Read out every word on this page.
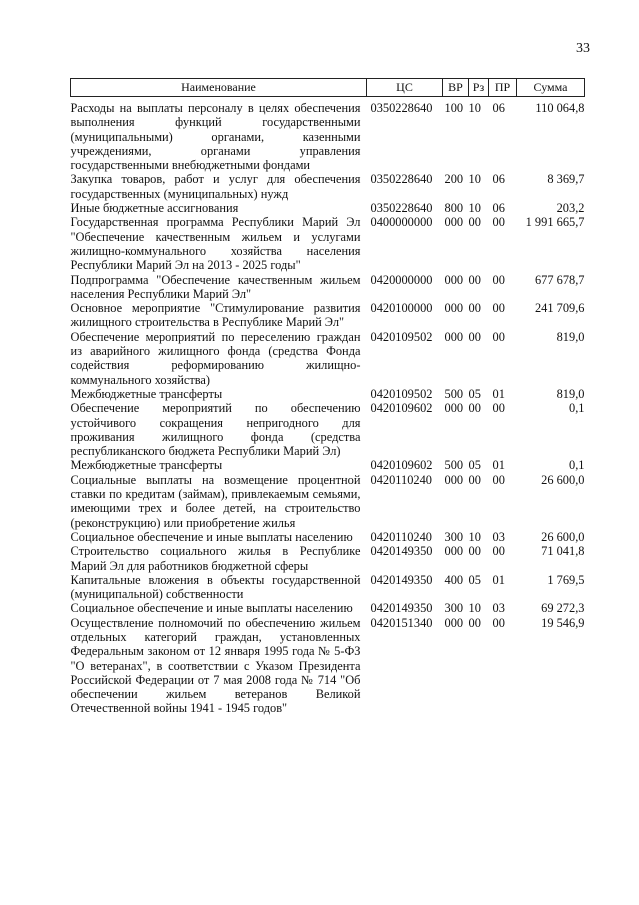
33
Наименование	ЦС	ВР	Рз	ПР	Сумма
Расходы на выплаты персоналу в целях обеспечения выполнения функций государственными (муниципальными) органами, казенными учреждениями, органами управления государственными внебюджетными фондами	0350228640	100	10	06	110 064,8
Закупка товаров, работ и услуг для обеспечения государственных (муниципальных) нужд	0350228640	200	10	06	8 369,7
Иные бюджетные ассигнования	0350228640	800	10	06	203,2
Государственная программа Республики Марий Эл "Обеспечение качественным жильем и услугами жилищно-коммунального хозяйства населения Республики Марий Эл на 2013 - 2025 годы"	0400000000	000	00	00	1 991 665,7
Подпрограмма "Обеспечение качественным жильем населения Республики Марий Эл"	0420000000	000	00	00	677 678,7
Основное мероприятие "Стимулирование развития жилищного строительства в Республике Марий Эл"	0420100000	000	00	00	241 709,6
Обеспечение мероприятий по переселению граждан из аварийного жилищного фонда (средства Фонда содействия реформированию жилищно-коммунального хозяйства)	0420109502	000	00	00	819,0
Межбюджетные трансферты	0420109502	500	05	01	819,0
Обеспечение мероприятий по обеспечению устойчивого сокращения непригодного для проживания жилищного фонда (средства республиканского бюджета Республики Марий Эл)	0420109602	000	00	00	0,1
Межбюджетные трансферты	0420109602	500	05	01	0,1
Социальные выплаты на возмещение процентной ставки по кредитам (займам), привлекаемым семьями, имеющими трех и более детей, на строительство (реконструкцию) или приобретение жилья	0420110240	000	00	00	26 600,0
Социальное обеспечение и иные выплаты населению	0420110240	300	10	03	26 600,0
Строительство социального жилья в Республике Марий Эл для работников бюджетной сферы	0420149350	000	00	00	71 041,8
Капитальные вложения в объекты государственной (муниципальной) собственности	0420149350	400	05	01	1 769,5
Социальное обеспечение и иные выплаты населению	0420149350	300	10	03	69 272,3
Осуществление полномочий по обеспечению жильем отдельных категорий граждан, установленных Федеральным законом от 12 января 1995 года № 5-ФЗ "О ветеранах", в соответствии с Указом Президента Российской Федерации от 7 мая 2008 года № 714 "Об обеспечении жильем ветеранов Великой Отечественной войны 1941 - 1945 годов"	0420151340	000	00	00	19 546,9
